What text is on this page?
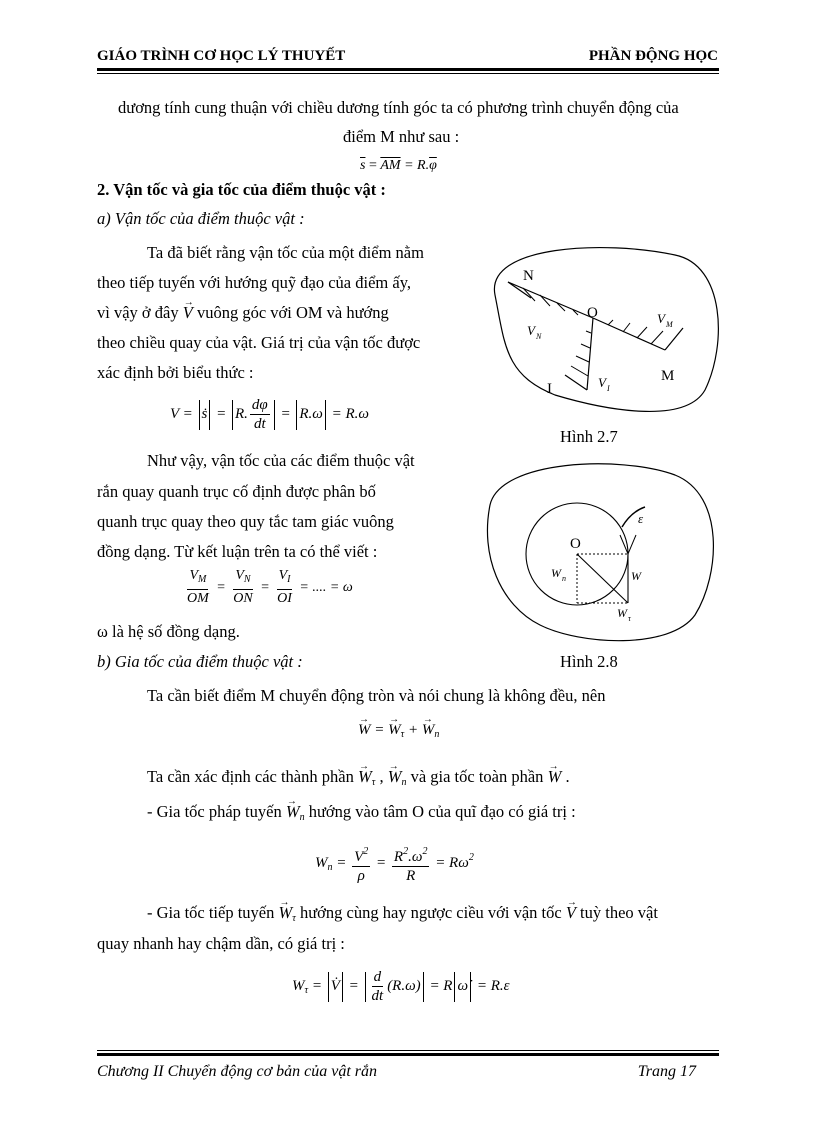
GIÁO TRÌNH CƠ HỌC LÝ THUYẾT	PHẦN ĐỘNG HỌC
dương tính cung thuận với chiều dương tính góc ta có phương trình chuyển động của
điểm M như sau :
$\overline{s} = \overline{AM} = R.\overline{\varphi}$
2. Vận tốc và gia tốc của điểm thuộc vật :
a) Vận tốc của điểm thuộc vật :
Ta đã biết rằng vận tốc của một điểm nằm
theo tiếp tuyến với hướng quỹ đạo của điểm ấy,
vì vậy ở đây → V vuông góc với OM và hướng
theo chiều quay của vật. Giá trị của vận tốc được
xác định bởi biểu thức :
V = ṡ = R. $\frac{d\varphi}{dt} = R.\omega = R.\omega$
Như vậy, vận tốc của các điểm thuộc vật
rắn quay quanh trục cố định được phân bố
quanh trục quay theo quy tắc tam giác vuông
đồng dạng. Từ kết luận trên ta có thể viết :
$\frac{V_M}{OM} = \frac{V_N}{ON} = \frac{V_I}{OI}$ = .... = ω
ω là hệ số đồng dạng.
b) Gia tốc của điểm thuộc vật :
N
O	V M
V N
I	V I
M
Hình 2.7
ε
O
W n	W
W τ
Hình 2.8
Ta cần biết điểm M chuyển động tròn và nói chung là không đều, nên
→ W = → $W_\tau$ + → $W_n$
Ta cần xác định các thành phần → $W_\tau$ , → $W_n$ và gia tốc toàn phần → W .
- Gia tốc pháp tuyến → $W_n$ hướng vào tâm O của quĩ đạo có giá trị :
$W_n = \frac{V^2}{\rho} = \frac{R^2.\omega^2}{R} = R\omega^2$
- Gia tốc tiếp tuyến → $W_\tau$ hướng cùng hay ngược ciều với vận tốc → V tuỳ theo vật
quay nhanh hay chậm dần, có giá trị :
$W_\tau$ = V̇ = $\frac{d}{dt} (R.\omega) = R$ ω̇ = R.ε
Chương II Chuyển động cơ bản của vật rắn	Trang 17
